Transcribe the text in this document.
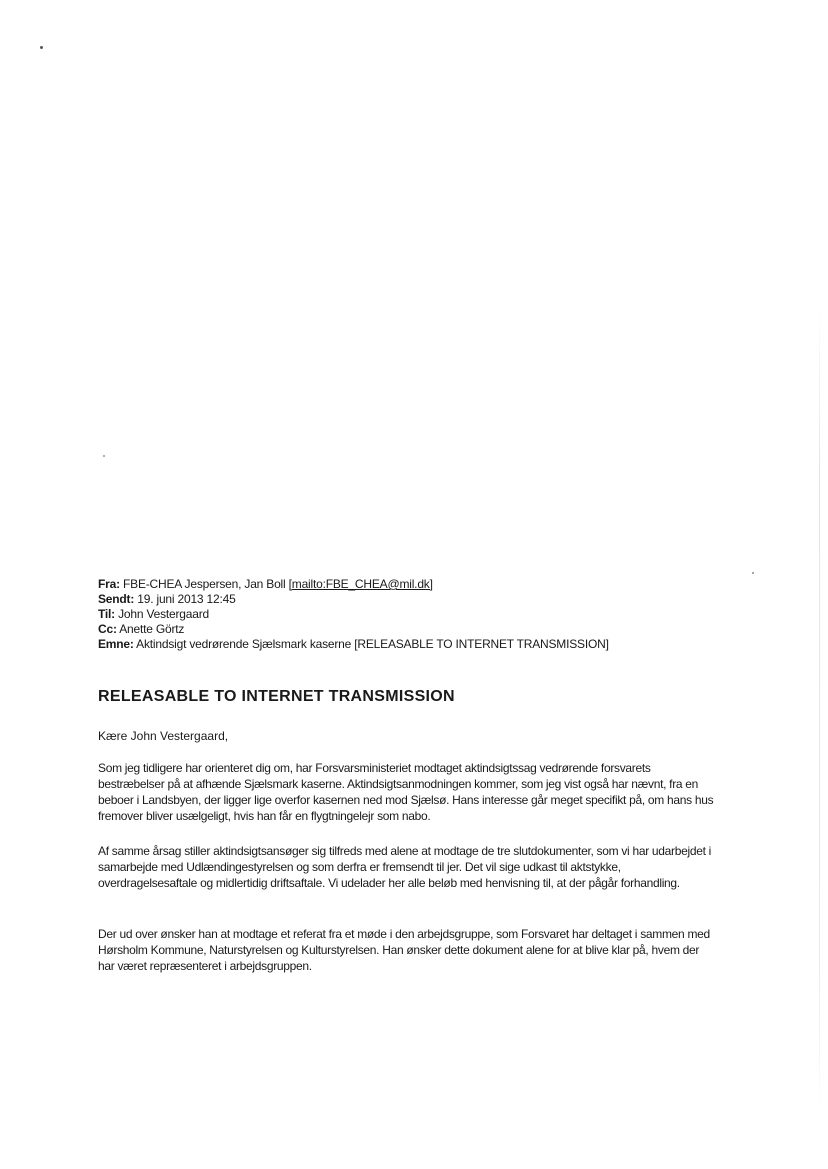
Fra: FBE-CHEA Jespersen, Jan Boll [mailto:FBE_CHEA@mil.dk]
Sendt: 19. juni 2013 12:45
Til: John Vestergaard
Cc: Anette Görtz
Emne: Aktindsigt vedrørende Sjælsmark kaserne [RELEASABLE TO INTERNET TRANSMISSION]
RELEASABLE TO INTERNET TRANSMISSION
Kære John Vestergaard,

Som jeg tidligere har orienteret dig om, har Forsvarsministeriet modtaget aktindsigtssag vedrørende forsvarets bestræbelser på at afhænde Sjælsmark kaserne. Aktindsigtsanmodningen kommer, som jeg vist også har nævnt, fra en beboer i Landsbyen, der ligger lige overfor kasernen ned mod Sjælsø. Hans interesse går meget specifikt på, om hans hus fremover bliver usælgeligt, hvis han får en flygtningelejr som nabo.

Af samme årsag stiller aktindsigtsansøger sig tilfreds med alene at modtage de tre slutdokumenter, som vi har udarbejdet i samarbejde med Udlændingestyrelsen og som derfra er fremsendt til jer. Det vil sige udkast til aktstykke, overdragelsesaftale og midlertidig driftsaftale. Vi udelader her alle beløb med henvisning til, at der pågår forhandling.

Der ud over ønsker han at modtage et referat fra et møde i den arbejdsgruppe, som Forsvaret har deltaget i sammen med Hørsholm Kommune, Naturstyrelsen og Kulturstyrelsen. Han ønsker dette dokument alene for at blive klar på, hvem der har været repræsenteret i arbejdsgruppen.
